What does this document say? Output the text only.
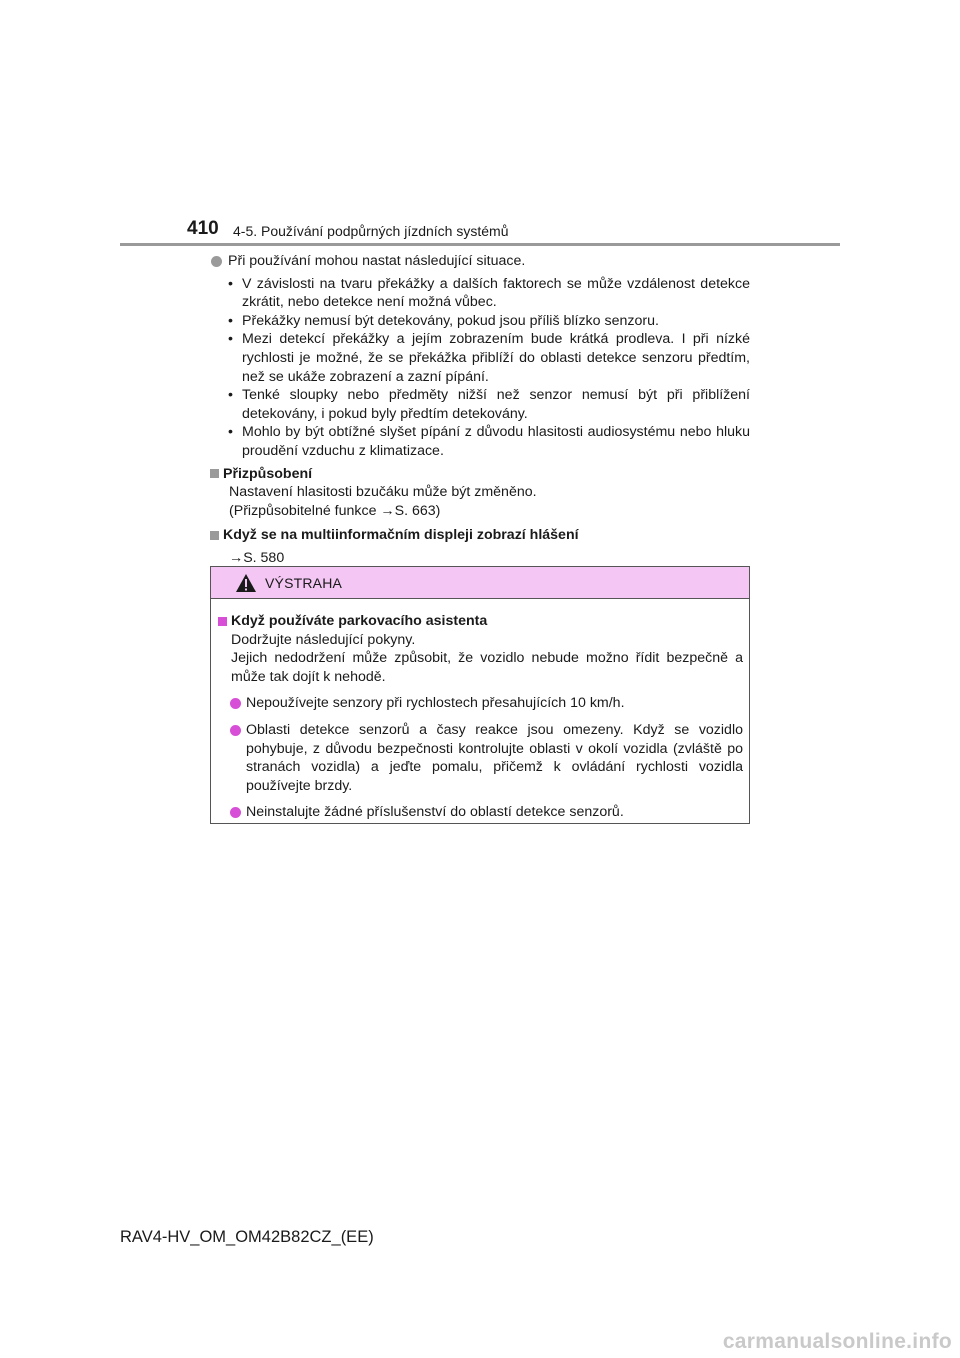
410 4-5. Používání podpůrných jízdních systémů
Při používání mohou nastat následující situace.
• V závislosti na tvaru překážky a dalších faktorech se může vzdálenost detekce zkrátit, nebo detekce není možná vůbec.
• Překážky nemusí být detekovány, pokud jsou příliš blízko senzoru.
• Mezi detekcí překážky a jejím zobrazením bude krátká prodleva. I při nízké rychlosti je možné, že se překážka přiblíží do oblasti detekce senzoru předtím, než se ukáže zobrazení a zazní pípání.
• Tenké sloupky nebo předměty nižší než senzor nemusí být při přiblížení detekovány, i pokud byly předtím detekovány.
• Mohlo by být obtížné slyšet pípání z důvodu hlasitosti audiosystému nebo hluku proudění vzduchu z klimatizace.
Přizpůsobení
Nastavení hlasitosti bzučáku může být změněno.
(Přizpůsobitelné funkce →S. 663)
Když se na multiinformačním displeji zobrazí hlášení
→S. 580
VÝSTRAHA
Když používáte parkovacího asistenta
Dodržujte následující pokyny.
Jejich nedodržení může způsobit, že vozidlo nebude možno řídit bezpečně a může tak dojít k nehodě.
Nepoužívejte senzory při rychlostech přesahujících 10 km/h.
Oblasti detekce senzorů a časy reakce jsou omezeny. Když se vozidlo pohybuje, z důvodu bezpečnosti kontrolujte oblasti v okolí vozidla (zvláště po stranách vozidla) a jeďte pomalu, přičemž k ovládání rychlosti vozidla používejte brzdy.
Neinstalujte žádné příslušenství do oblastí detekce senzorů.
RAV4-HV_OM_OM42B82CZ_(EE)
carmanualsonline.info
